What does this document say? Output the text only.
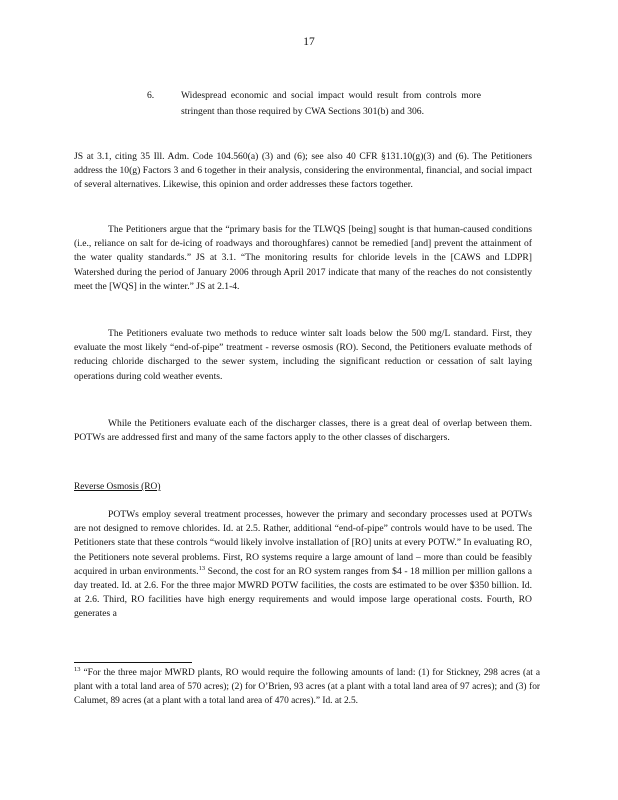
17
6.	Widespread economic and social impact would result from controls more stringent than those required by CWA Sections 301(b) and 306.

JS at 3.1, citing 35 Ill. Adm. Code 104.560(a) (3) and (6); see also 40 CFR §131.10(g)(3) and (6). The Petitioners address the 10(g) Factors 3 and 6 together in their analysis, considering the environmental, financial, and social impact of several alternatives. Likewise, this opinion and order addresses these factors together.

The Petitioners argue that the “primary basis for the TLWQS [being] sought is that human-caused conditions (i.e., reliance on salt for de-icing of roadways and thoroughfares) cannot be remedied [and] prevent the attainment of the water quality standards.” JS at 3.1. “The monitoring results for chloride levels in the [CAWS and LDPR] Watershed during the period of January 2006 through April 2017 indicate that many of the reaches do not consistently meet the [WQS] in the winter.” JS at 2.1-4.

The Petitioners evaluate two methods to reduce winter salt loads below the 500 mg/L standard. First, they evaluate the most likely “end-of-pipe” treatment - reverse osmosis (RO). Second, the Petitioners evaluate methods of reducing chloride discharged to the sewer system, including the significant reduction or cessation of salt laying operations during cold weather events.

While the Petitioners evaluate each of the discharger classes, there is a great deal of overlap between them. POTWs are addressed first and many of the same factors apply to the other classes of dischargers.

Reverse Osmosis (RO)

POTWs employ several treatment processes, however the primary and secondary processes used at POTWs are not designed to remove chlorides. Id. at 2.5. Rather, additional “end-of-pipe” controls would have to be used. The Petitioners state that these controls “would likely involve installation of [RO] units at every POTW.” In evaluating RO, the Petitioners note several problems. First, RO systems require a large amount of land – more than could be feasibly acquired in urban environments.$^{13}$ Second, the cost for an RO system ranges from $4 - 18 million per million gallons a day treated. Id. at 2.6. For the three major MWRD POTW facilities, the costs are estimated to be over $350 billion. Id. at 2.6. Third, RO facilities have high energy requirements and would impose large operational costs. Fourth, RO generates a

$^{13}$ “For the three major MWRD plants, RO would require the following amounts of land: (1) for Stickney, 298 acres (at a plant with a total land area of 570 acres); (2) for O’Brien, 93 acres (at a plant with a total land area of 97 acres); and (3) for Calumet, 89 acres (at a plant with a total land area of 470 acres).” Id. at 2.5.
